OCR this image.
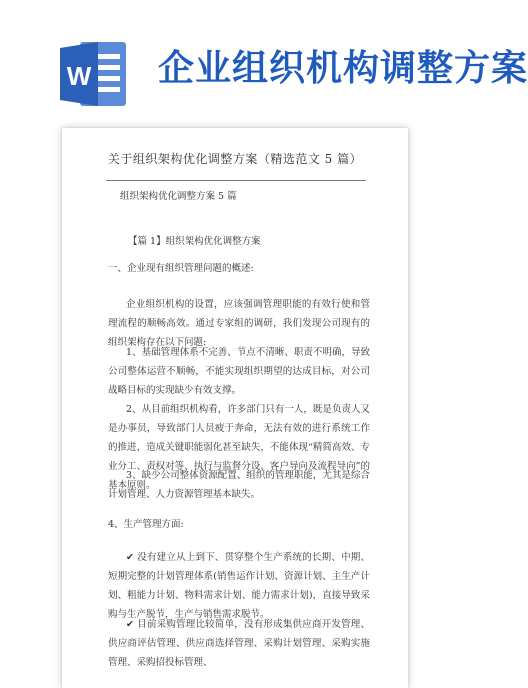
W 企业组织机构调整方案
关于组织架构优化调整方案（精选范文 5 篇）
组织架构优化调整方案 5 篇
【篇 1】组织架构优化调整方案

一、企业现有组织管理问题的概述:

企业组织机构的设置，应该强调管理职能的有效行使和管理流程的顺畅高效。通过专家组的调研，我们发现公司现有的组织架构存在以下问题:

1、基础管理体系不完善、节点不清晰、职责不明确，导致公司整体运营不顺畅，不能实现组织期望的达成目标，对公司战略目标的实现缺少有效支撑。

2、从目前组织机构看，许多部门只有一人，既是负责人又是办事员，导致部门人员疲于奔命，无法有效的进行系统工作的推进，造成关键职能弱化甚至缺失，不能体现“精简高效、专业分工、责权对等、执行与监督分设、客户导向及流程导向”的基本原则。

3、缺少公司整体资源配置、组织的管理职能，尤其是综合计划管理、人力资源管理基本缺失。

4、生产管理方面:

✔ 没有建立从上到下、贯穿整个生产系统的长期、中期、短期完整的计划管理体系(销售运作计划、资源计划、主生产计划、粗能力计划、物料需求计划、能力需求计划)，直接导致采购与生产脱节，生产与销售需求脱节。

✔ 目前采购管理比较简单，没有形成集供应商开发管理、供应商评估管理、供应商选择管理、采购计划管理、采购实施管理、采购招投标管理、
